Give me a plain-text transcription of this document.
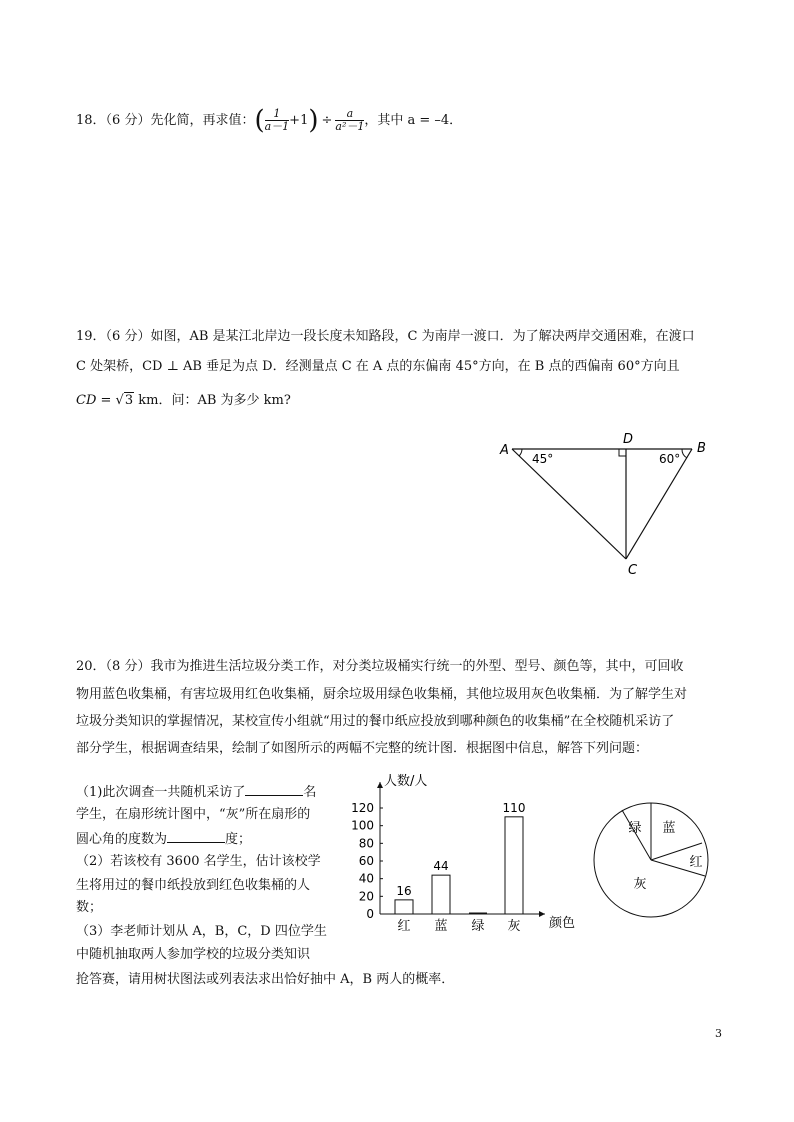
18．（6 分）先化简，再求值：( $\frac{1}{a-1} +1) \div \frac{a}{\text{a²－1}}$ ，其中 a = –4．
19．（6 分）如图，AB 是某江北岸边一段长度未知路段，C 为南岸一渡口．为了解决两岸交通困难，在渡口
C 处架桥，CD ⊥ AB 垂足为点 D．经测量点 C 在 A 点的东偏南 45°方向，在 B 点的西偏南 60°方向且
CD = √3 km．问：AB 为多少 km?
A	B
C
D
45°	60°
20．（8 分）我市为推进生活垃圾分类工作，对分类垃圾桶实行统一的外型、型号、颜色等，其中，可回收
物用蓝色收集桶，有害垃圾用红色收集桶，厨余垃圾用绿色收集桶，其他垃圾用灰色收集桶．为了解学生对
垃圾分类知识的掌握情况，某校宣传小组就“用过的餐巾纸应投放到哪种颜色的收集桶”在全校随机采访了
部分学生，根据调查结果，绘制了如图所示的两幅不完整的统计图．根据图中信息，解答下列问题：
（1)此次调查一共随机采访了	名
学生，在扇形统计图中，“灰”所在扇形的
圆心角的度数为	度；
（2）若该校有 3600 名学生，估计该校学
生将用过的餐巾纸投放到红色收集桶的人
数；
（3）李老师计划从 A，B，C，D 四位学生
中随机抽取两人参加学校的垃圾分类知识
抢答赛，请用树状图法或列表法求出恰好抽中 A，B 两人的概率．
人数/人
颜色
0
20
40
60
80
100
120
16
红
44
蓝 绿
110
灰
绿 蓝
红
灰
3
